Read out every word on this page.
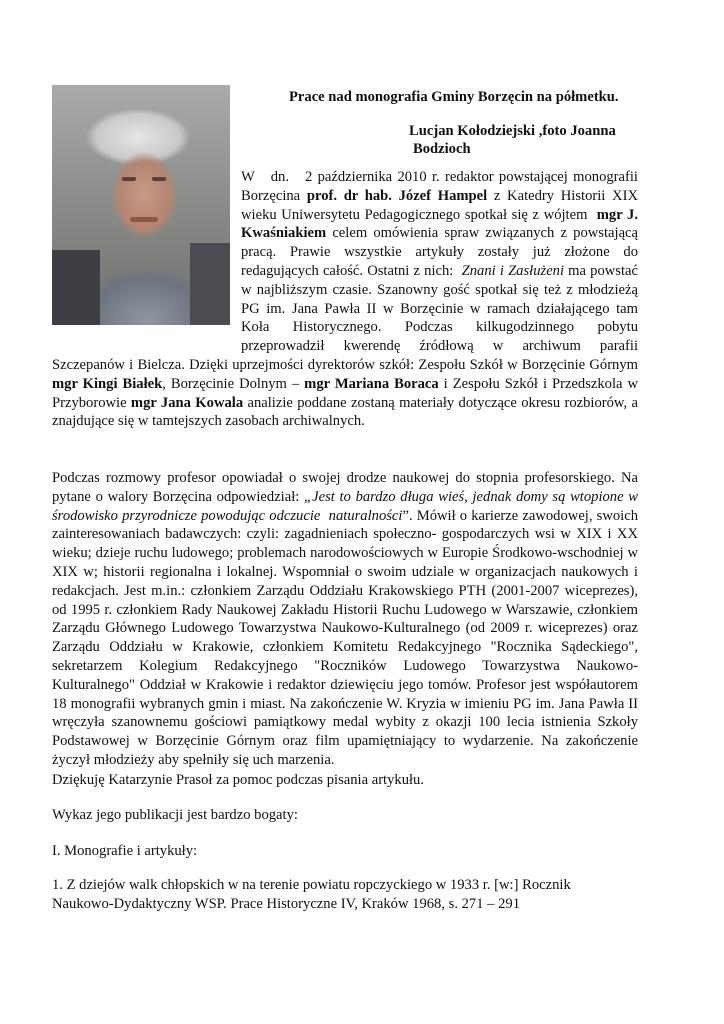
Prace nad monografia Gminy Borzęcin na półmetku.
Lucjan Kołodziejski ,foto Joanna
Bodzioch
W   dn.   2 października 2010 r. redaktor powstającej monografii
Borzęcina prof. dr hab. Józef Hampel z Katedry Historii XIX
wieku Uniwersytetu Pedagogicznego spotkał się z wójtem  mgr J.
Kwaśniakiem celem omówienia spraw związanych z powstającą
pracą. Prawie wszystkie artykuły zostały już złożone do
redagujących całość. Ostatni z nich:  Znani i Zasłużeni ma powstać
w najbliższym czasie. Szanowny gość spotkał się też z młodzieżą
PG im. Jana Pawła II w Borzęcinie w ramach działającego tam
Koła Historycznego. Podczas kilkugodzinnego pobytu
przeprowadził kwerendę źródłową w archiwum parafii
Szczepanów i Bielcza. Dzięki uprzejmości dyrektorów szkół: Zespołu Szkół w Borzęcinie Górnym
mgr Kingi Białek, Borzęcinie Dolnym – mgr Mariana Boraca i Zespołu Szkół i Przedszkola w
Przyborowie mgr Jana Kowala analizie poddane zostaną materiały dotyczące okresu rozbiorów, a
znajdujące się w tamtejszych zasobach archiwalnych.
Podczas rozmowy profesor opowiadał o swojej drodze naukowej do stopnia profesorskiego. Na
pytane o walory Borzęcina odpowiedział: „Jest to bardzo długa wieś, jednak domy są wtopione w
środowisko przyrodnicze powodując odczucie  naturalności”. Mówił o karierze zawodowej, swoich
zainteresowaniach badawczych: czyli: zagadnieniach społeczno- gospodarczych wsi w XIX i XX
wieku; dzieje ruchu ludowego; problemach narodowościowych w Europie Środkowo-wschodniej w
XIX w; historii regionalna i lokalnej. Wspomniał o swoim udziale w organizacjach naukowych i
redakcjach. Jest m.in.: członkiem Zarządu Oddziału Krakowskiego PTH (2001-2007 wiceprezes),
od 1995 r. członkiem Rady Naukowej Zakładu Historii Ruchu Ludowego w Warszawie, członkiem
Zarządu Głównego Ludowego Towarzystwa Naukowo-Kulturalnego (od 2009 r. wiceprezes) oraz
Zarządu Oddziału w Krakowie, członkiem Komitetu Redakcyjnego "Rocznika Sądeckiego",
sekretarzem Kolegium Redakcyjnego "Roczników Ludowego Towarzystwa Naukowo-
Kulturalnego" Oddział w Krakowie i redaktor dziewięciu jego tomów. Profesor jest współautorem
18 monografii wybranych gmin i miast. Na zakończenie W. Kryzia w imieniu PG im. Jana Pawła II
wręczyła szanownemu gościowi pamiątkowy medal wybity z okazji 100 lecia istnienia Szkoły
Podstawowej w Borzęcinie Górnym oraz film upamiętniający to wydarzenie. Na zakończenie
życzył młodzieży aby spełniły się uch marzenia.
Dziękuję Katarzynie Prasoł za pomoc podczas pisania artykułu.
Wykaz jego publikacji jest bardzo bogaty:
I. Monografie i artykuły:
1. Z dziejów walk chłopskich w na terenie powiatu ropczyckiego w 1933 r. [w:] Rocznik
Naukowo-Dydaktyczny WSP. Prace Historyczne IV, Kraków 1968, s. 271 – 291
